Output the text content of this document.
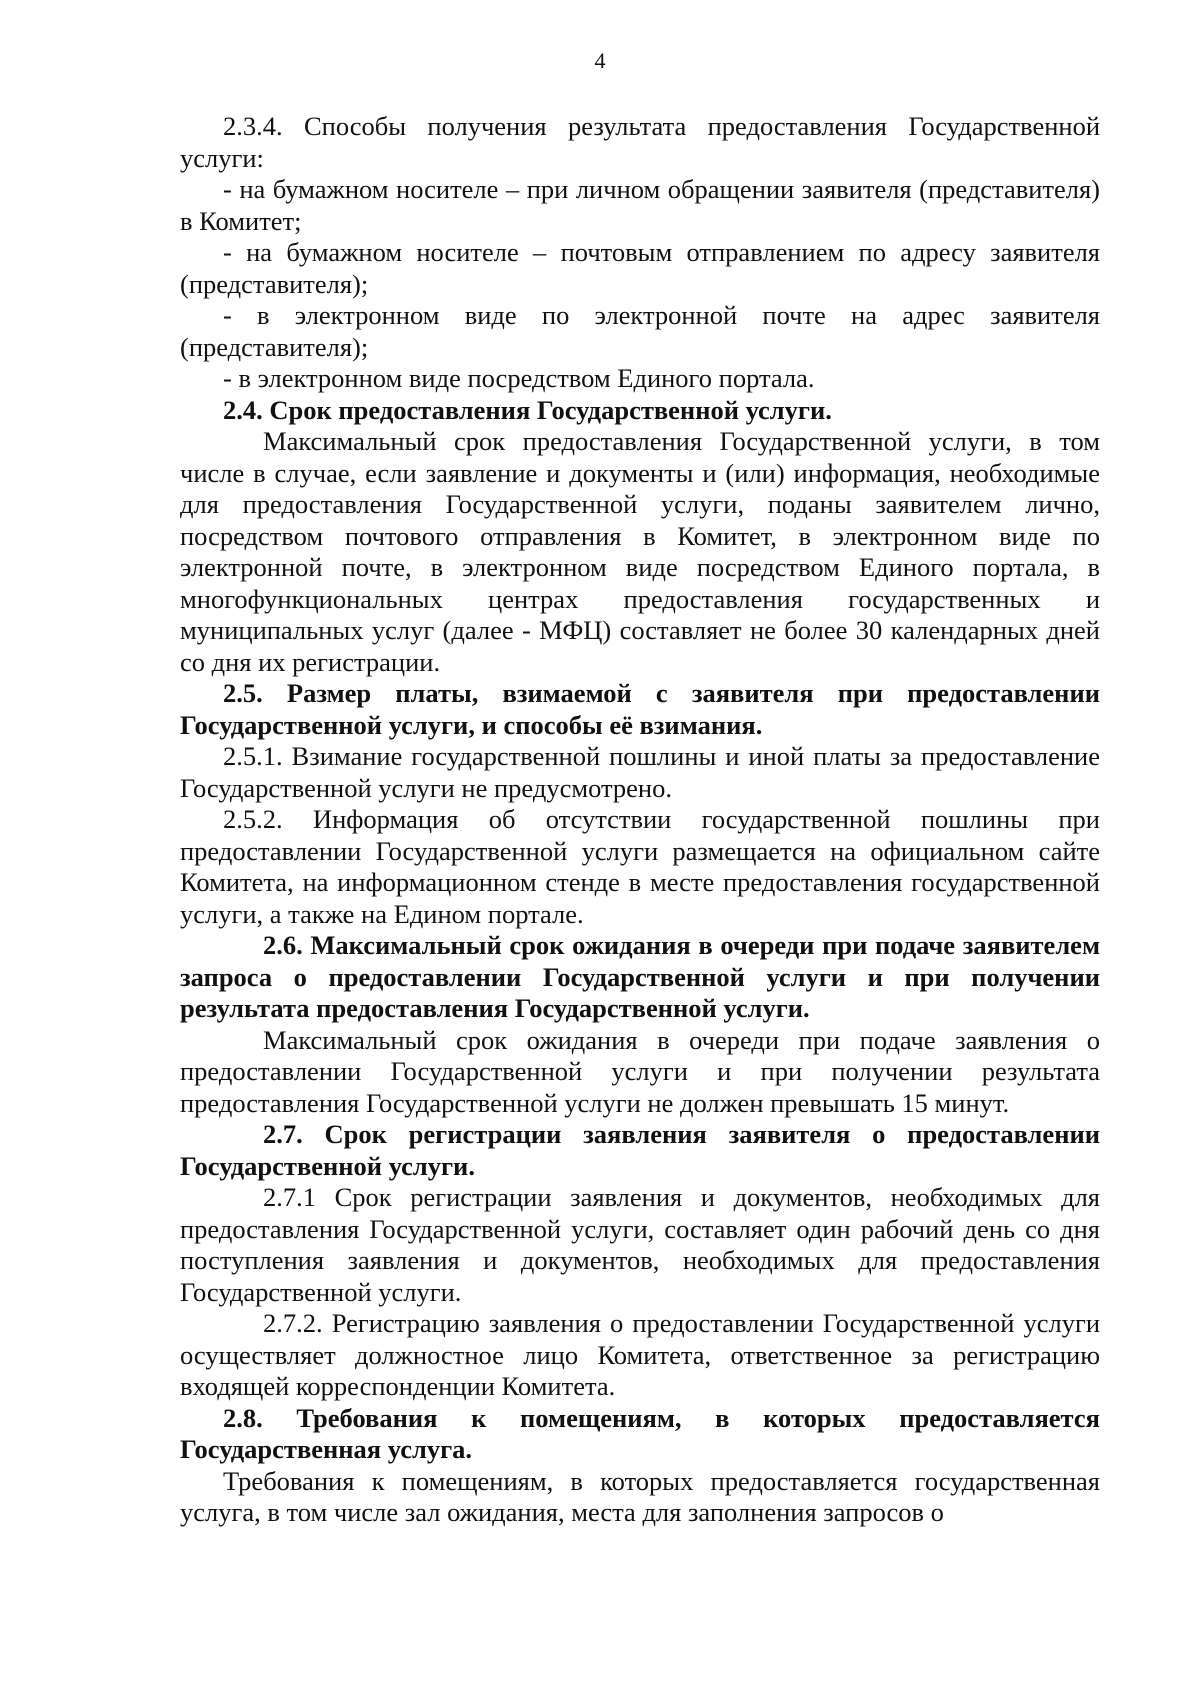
4

2.3.4. Способы получения результата предоставления Государственной услуги:

- на бумажном носителе – при личном обращении заявителя (представителя) в Комитет;

- на бумажном носителе – почтовым отправлением по адресу заявителя (представителя);

- в электронном виде по электронной почте на адрес заявителя (представителя);

- в электронном виде посредством Единого портала.

2.4. Срок предоставления Государственной услуги.

Максимальный срок предоставления Государственной услуги, в том числе в случае, если заявление и документы и (или) информация, необходимые для предоставления Государственной услуги, поданы заявителем лично, посредством почтового отправления в Комитет, в электронном виде по электронной почте, в электронном виде посредством Единого портала, в многофункциональных центрах предоставления государственных и муниципальных услуг (далее - МФЦ) составляет не более 30 календарных дней со дня их регистрации.

2.5. Размер платы, взимаемой с заявителя при предоставлении Государственной услуги, и способы её взимания.

2.5.1. Взимание государственной пошлины и иной платы за предоставление Государственной услуги не предусмотрено.

2.5.2. Информация об отсутствии государственной пошлины при предоставлении Государственной услуги размещается на официальном сайте Комитета, на информационном стенде в месте предоставления государственной услуги, а также на Едином портале.

2.6. Максимальный срок ожидания в очереди при подаче заявителем запроса о предоставлении Государственной услуги и при получении результата предоставления Государственной услуги.

Максимальный срок ожидания в очереди при подаче заявления о предоставлении Государственной услуги и при получении результата предоставления Государственной услуги не должен превышать 15 минут.

2.7. Срок регистрации заявления заявителя о предоставлении Государственной услуги.

2.7.1 Срок регистрации заявления и документов, необходимых для предоставления Государственной услуги, составляет один рабочий день со дня поступления заявления и документов, необходимых для предоставления Государственной услуги.

2.7.2. Регистрацию заявления о предоставлении Государственной услуги осуществляет должностное лицо Комитета, ответственное за регистрацию входящей корреспонденции Комитета.

2.8. Требования к помещениям, в которых предоставляется Государственная услуга.

Требования к помещениям, в которых предоставляется государственная услуга, в том числе зал ожидания, места для заполнения запросов о
